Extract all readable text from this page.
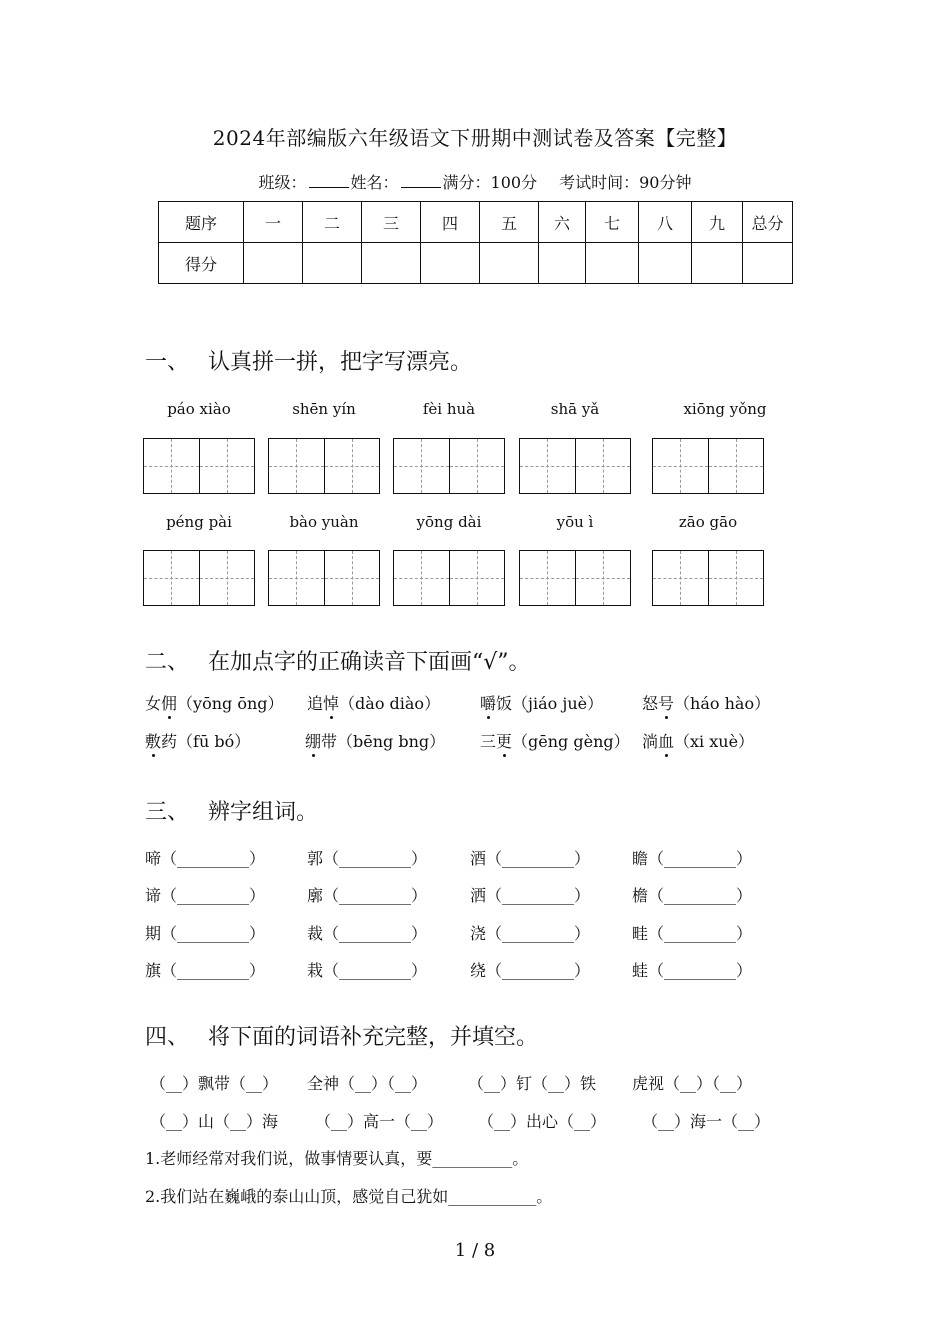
2024年部编版六年级语文下册期中测试卷及答案【完整】
班级：	姓名：	满分：100分 考试时间：90分钟
题序	一	二	三	四	五	六	七	八	九	总分
得分										
一、 认真拼一拼，把字写漂亮。
páo xiào	shēn yín	fèi huà	shā yǎ	xiōng yǒng
péng pài	bào yuàn	yōng dài	yōu ì	zāo gāo
二、 在加点字的正确读音下面画“√”。
女佣（yōng ōng） 追悼（dào diào） 嚼饭（jiáo juè） 怒号（háo hào）
敷药（fū bó）	绷带（bēng bng） 三更（gēng gèng） 淌血（xi xuè）
三、 辨字组词。
啼（_________）	郭（_________）	酒（_________）	瞻（_________）
谛（_________）	廓（_________）	洒（_________）	檐（_________）
期（_________）	裁（_________）	浇（_________）	畦（_________）
旗（_________）	栽（_________）	绕（_________）	蛙（_________）
四、 将下面的词语补充完整，并填空。
（__）飘带（__） 全神（__）（__）	（__）钉（__）铁 虎视（__）（__）
（__）山（__）海 （__）高一（__） （__）出心（__） （__）海一（__）
1.老师经常对我们说，做事情要认真，要__________。
2.我们站在巍峨的泰山山顶，感觉自己犹如___________。
1 / 8
